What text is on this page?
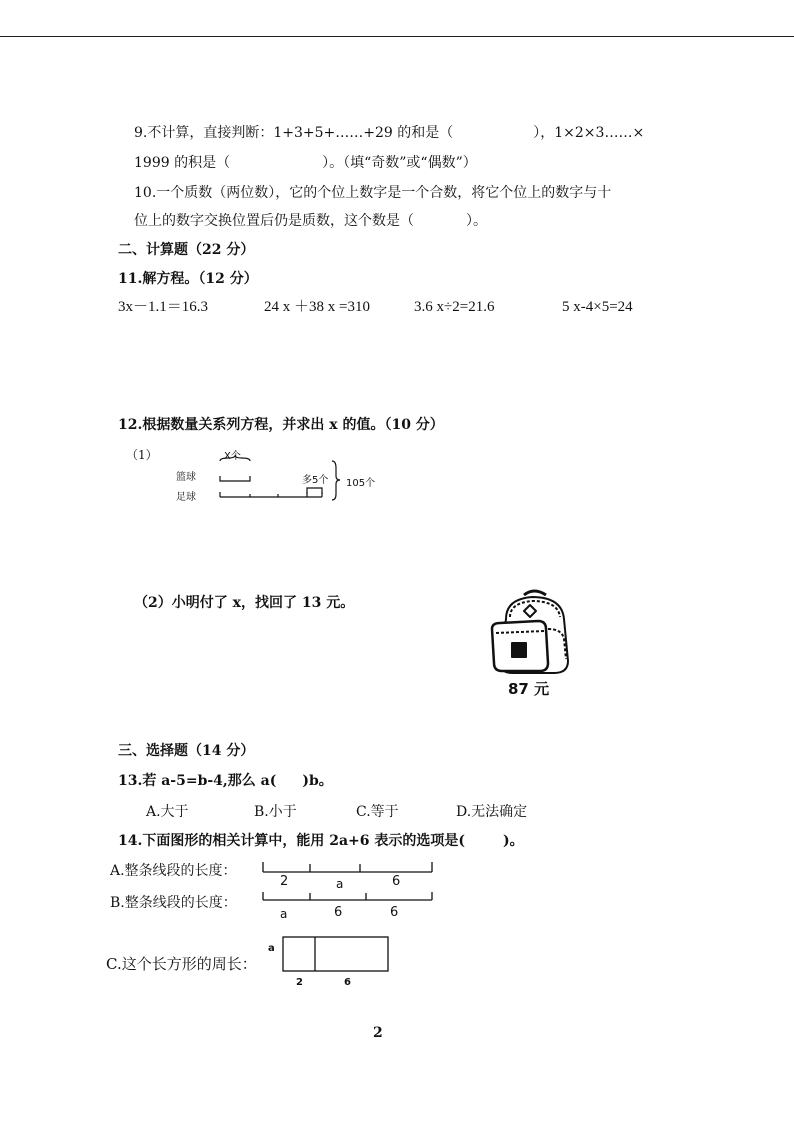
9.不计算，直接判断：1+3+5+……+29 的和是（	），1×2×3……×
1999 的积是（	）。（填“奇数”或“偶数”）
10.一个质数（两位数），它的个位上数字是一个合数，将它个位上的数字与十
位上的数字交换位置后仍是质数，这个数是（	）。
二、计算题（22 分）
11.解方程。（12 分）
3x－1.1＝16.3	24 x ＋38 x =310	3.6 x÷2=21.6	5 x-4×5=24
12.根据数量关系列方程，并求出 x 的值。（10 分）
（1）	X个
篮球
足球
多5个 105个
（2）小明付了 x，找回了 13 元。
87 元
三、选择题（14 分）
13.若 a-5=b-4,那么 a( )b。
A.大于	B.小于	C.等于	D.无法确定
14.下面图形的相关计算中，能用 2a+6 表示的选项是(	)。
A.整条线段的长度：
2	a	6
B.整条线段的长度：
a	6	6
C.这个长方形的周长：
a
2	6
2
